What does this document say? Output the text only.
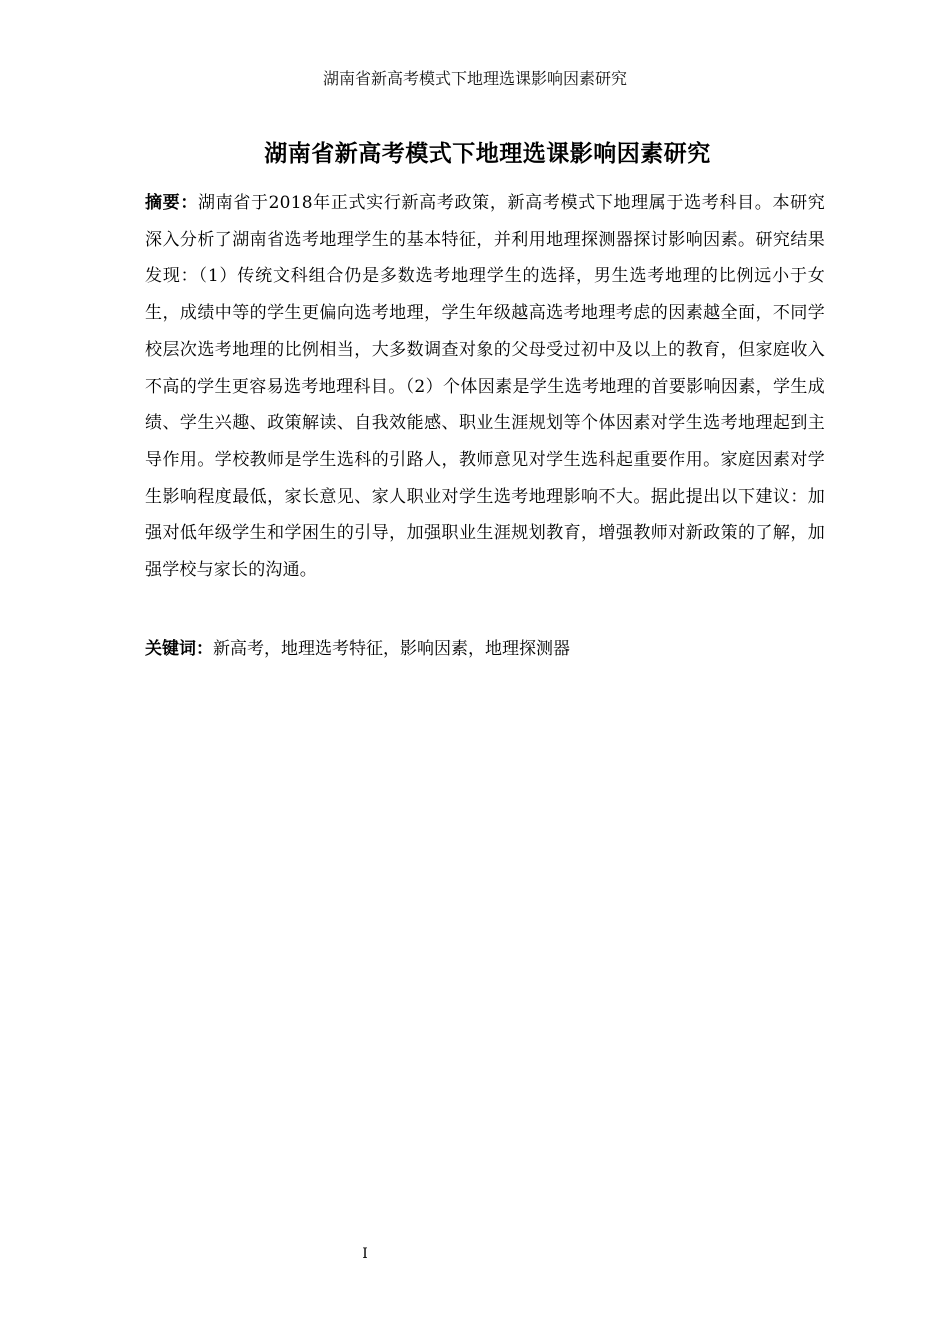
湖南省新高考模式下地理选课影响因素研究
湖南省新高考模式下地理选课影响因素研究
摘要：湖南省于2018年正式实行新高考政策，新高考模式下地理属于选考科目。本研究深入分析了湖南省选考地理学生的基本特征，并利用地理探测器探讨影响因素。研究结果发现：（1）传统文科组合仍是多数选考地理学生的选择，男生选考地理的比例远小于女生，成绩中等的学生更偏向选考地理，学生年级越高选考地理考虑的因素越全面，不同学校层次选考地理的比例相当，大多数调查对象的父母受过初中及以上的教育，但家庭收入不高的学生更容易选考地理科目。（2）个体因素是学生选考地理的首要影响因素，学生成绩、学生兴趣、政策解读、自我效能感、职业生涯规划等个体因素对学生选考地理起到主导作用。学校教师是学生选科的引路人，教师意见对学生选科起重要作用。家庭因素对学生影响程度最低，家长意见、家人职业对学生选考地理影响不大。据此提出以下建议：加强对低年级学生和学困生的引导，加强职业生涯规划教育，增强教师对新政策的了解，加强学校与家长的沟通。
关键词：新高考，地理选考特征，影响因素，地理探测器
I
